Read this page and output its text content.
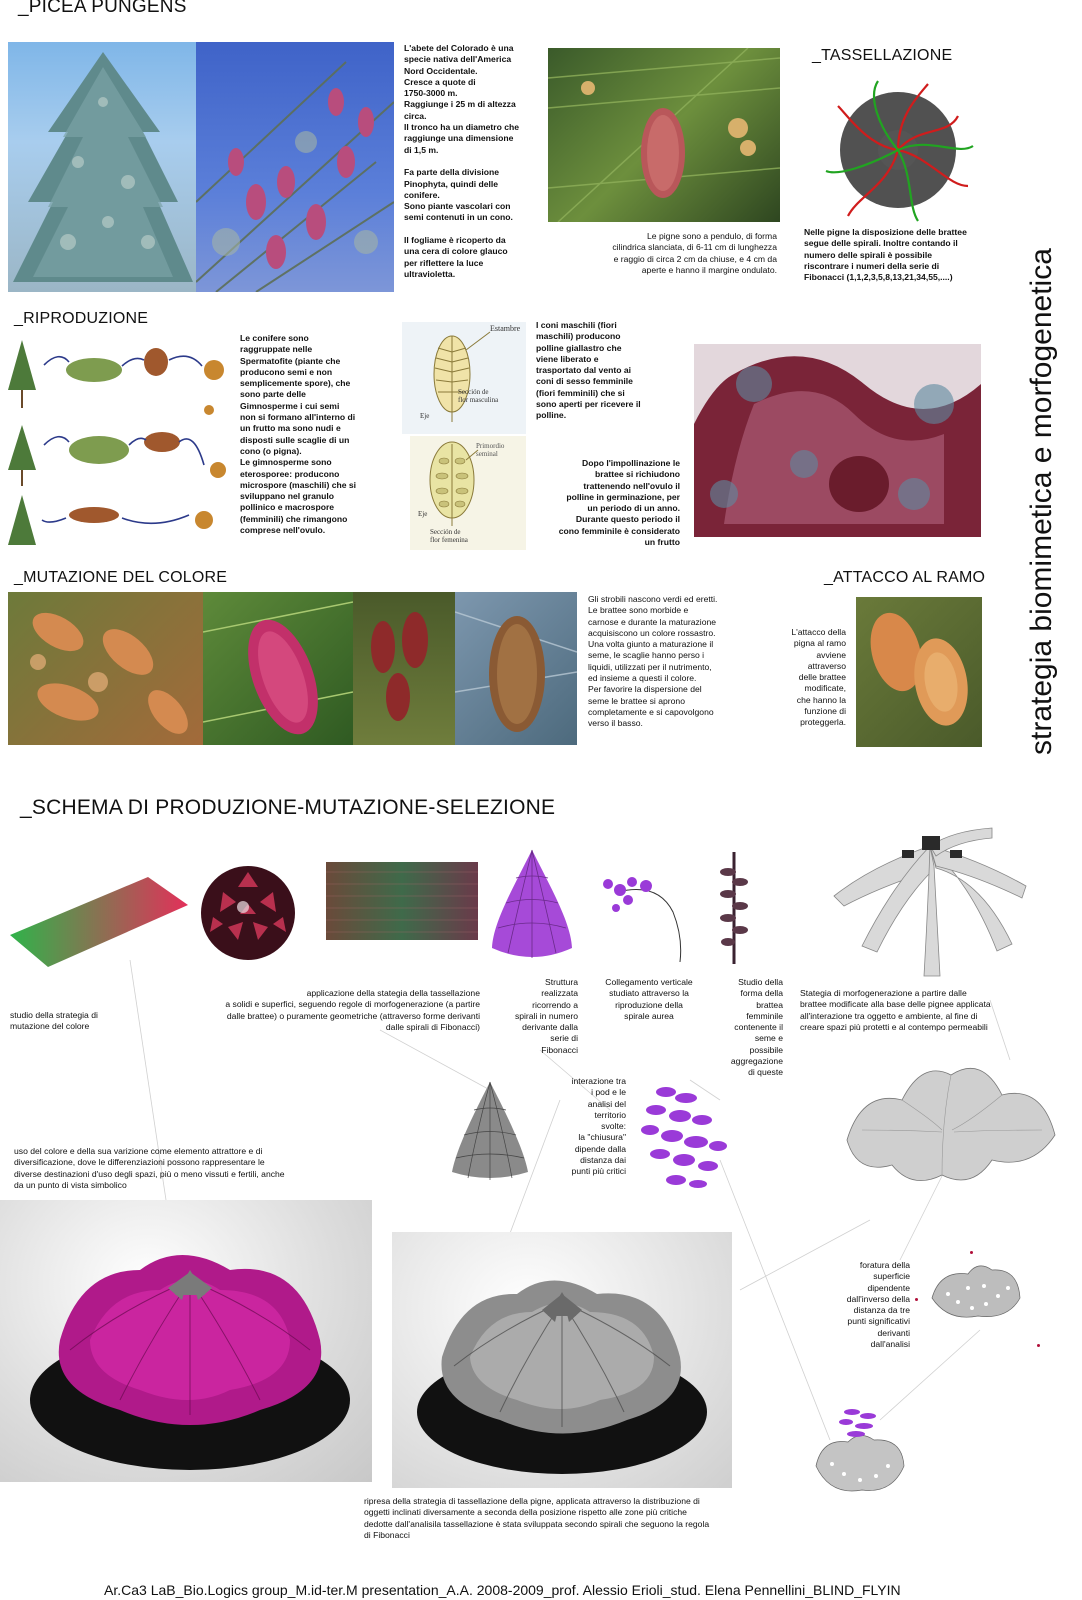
_PICEA PUNGENS
_TASSELLAZIONE
_RIPRODUZIONE
_MUTAZIONE DEL COLORE	_ATTACCO AL RAMO
_SCHEMA DI PRODUZIONE-MUTAZIONE-SELEZIONE
strategia biomimetica e morfogenetica
L'abete del Colorado è una
specie nativa dell'America
Nord Occidentale.
Cresce a quote di
1750-3000 m.
Raggiunge i 25 m di altezza
circa.
Il tronco ha un diametro che
raggiunge una dimensione
di 1,5 m.

Fa parte della divisione
Pinophyta, quindi delle
conifere.
Sono piante vascolari con
semi contenuti in un cono.

Il fogliame è ricoperto da
una cera di colore glauco
per riflettere la luce
ultravioletta.
Le pigne sono a pendulo, di forma
cilindrica slanciata, di 6-11 cm di lunghezza
e raggio di circa 2 cm da chiuse, e 4 cm da
aperte e hanno il margine ondulato.
Nelle pigne la disposizione delle brattee
segue delle spirali. Inoltre contando il
numero delle spirali è possibile
riscontrare i numeri della serie di
Fibonacci (1,1,2,3,5,8,13,21,34,55,....)
Le conifere sono
raggruppate nelle
Spermatofite (piante che
producono semi e non
semplicemente spore), che
sono parte delle
Gimnosperme i cui semi
non si formano all'interno di
un frutto ma sono nudi e
disposti sulle scaglie di un
cono (o pigna).
Le gimnosperme sono
eterosporee: producono
microspore (maschili) che si
sviluppano nel granulo
pollinico e macrospore
(femminili) che rimangono
comprese nell'ovulo.
Estambre
Sección de
flor masculina
Eje
Primordio
seminal
Eje
Sección de
flor femenina
I coni maschili (fiori
maschili) producono
polline giallastro che
viene liberato e
trasportato dal vento ai
coni di sesso femminile
(fiori femminili) che si
sono aperti per ricevere il
polline.
Dopo l'impollinazione le
brattee si richiudono
trattenendo nell'ovulo il
polline in germinazione, per
un periodo di un anno.
Durante questo periodo il
cono femminile è considerato
un frutto
Gli strobili nascono verdi ed eretti.
Le brattee sono morbide e
carnose e durante la maturazione
acquisiscono un colore rossastro.
Una volta giunto a maturazione il
seme, le scaglie hanno perso i
liquidi, utilizzati per il nutrimento,
ed insieme a questi il colore.
Per favorire la dispersione del
seme le brattee si aprono
completamente e si capovolgono
verso il basso.
L'attacco della
pigna al ramo
avviene
attraverso
delle brattee
modificate,
che hanno la
funzione di
proteggerla.
studio della strategia di
mutazione del colore
applicazione della stategia della tassellazione
a solidi e superfici, seguendo regole di morfogenerazione (a partire
dalle brattee) o puramente geometriche (attraverso forme derivanti
dalle spirali di Fibonacci)
Struttura
realizzata
ricorrendo a
spirali in numero
derivante dalla
serie di
Fibonacci
Collegamento verticale
studiato attraverso la
riproduzione della
spirale aurea
Studio della
forma della
brattea
femminile
contenente il
seme e
possibile
aggregazione
di queste
Stategia di morfogenerazione a partire dalle
brattee modificate alla base delle pignee applicata
all'interazione tra oggetto e ambiente, al fine di
creare spazi più protetti e al contempo permeabili
interazione tra
i pod e le
analisi del
territorio
svolte:
la "chiusura"
dipende dalla
distanza dai
punti più critici
uso del colore e della sua varizione come elemento attrattore e di
diversificazione, dove le differenziazioni possono rappresentare le
diverse destinazioni d'uso degli spazi, più o meno vissuti e fertili, anche
da un punto di vista simbolico
foratura della
superficie
dipendente
dall'inverso della
distanza da tre
punti significativi
derivanti
dall'analisi
ripresa della strategia di tassellazione della pigne, applicata attraverso la distribuzione di
oggetti inclinati diversamente a seconda della posizione rispetto alle zone più critiche
dedotte dall'analisila tassellazione è stata sviluppata secondo spirali che seguono la regola
di Fibonacci
Ar.Ca3 LaB_Bio.Logics group_M.id-ter.M presentation_A.A. 2008-2009_prof. Alessio Erioli_stud. Elena Pennellini_BLIND_FLYIN
